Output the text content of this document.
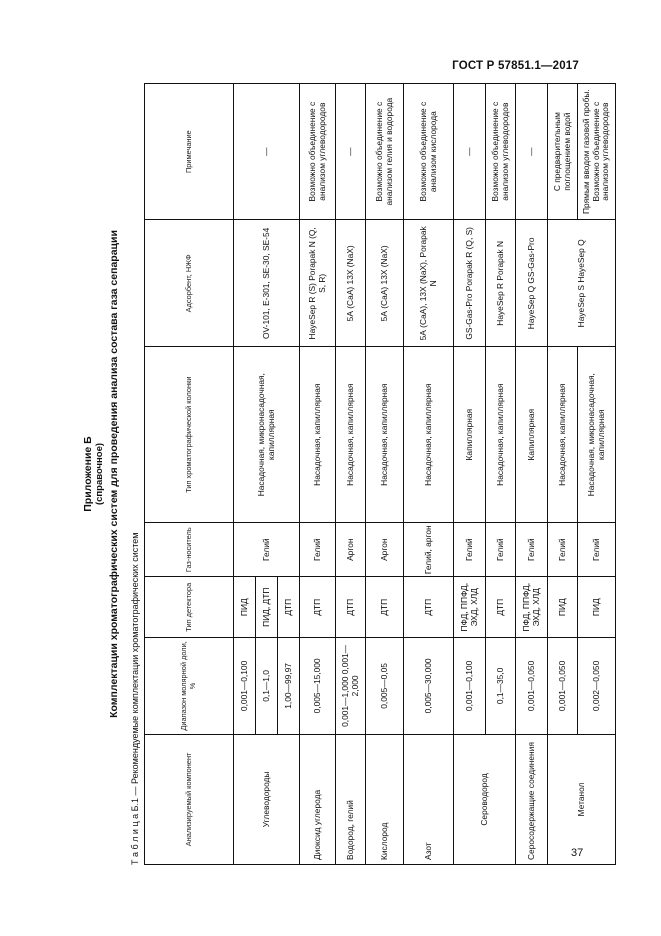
ГОСТ Р 57851.1—2017
Приложение Б (справочное) Комплектации хроматографических систем для проведения анализа состава газа сепарации Т а б л и ц а Б.1 — Рекомендуемые комплектации хроматографических систем	Анализируемый компонент	Диапазон молярной доли, %	Тип детектора	Газ-носитель	Тип хроматографической колонки	Адсорбент, НЖФ	Примечание
Углеводороды	0,001—0,100	ПИД	Гелий	Насадочная, микронасадочная, капиллярная	OV-101, E-301, SE-30, SE-54	—
	0,1—1,0	ПИД, ДТП				
	1,00—99,97	ДТП				
Диоксид углерода	0,005—15,000	ДТП	Гелий	Насадочная, капиллярная	HayeSep R (S) Porapak N (Q, S, R)	Возможно объединение с анализом углеводородов
Водород, гелий	0,001—1,000 0,001—2,000	ДТП	Аргон	Насадочная, капиллярная	5А (СаА) 13Х (NaX)	—
Кислород	0,005—0,05	ДТП	Аргон	Насадочная, капиллярная	5А (СаА) 13Х (NaX)	Возможно объединение с анализом гелия и водорода
Азот	0,005—30,000	ДТП	Гелий, аргон	Насадочная, капиллярная	5А (СаА), 13Х (NaX), Porapak N	Возможно объединение с анализом кислорода
Сероводород	0,001—0,100	ПФД, ППФД, ЭХД, ХЛД	Гелий	Капиллярная	GS-Gas-Pro Porapak R (Q, S)	—
	0,1—35,0	ДТП	Гелий	Насадочная, капиллярная	HayeSep R Porapak N	Возможно объединение с анализом углеводородов
Серосодержащие соединения	0,001—0,050	ПФД, ППФД, ЭХД, ХЛД	Гелий	Капиллярная	HayeSep Q GS-Gas-Pro	—
Метанол	0,001—0,050	ПИД	Гелий	Насадочная, капиллярная	HayeSep S HayeSep Q	С предварительным поглощением водой
	0,002—0,050	ПИД	Гелий	Насадочная, микронасадочная, капиллярная		Прямым вводом газовой пробы. Возможно объединение с анализом углеводородов
37
